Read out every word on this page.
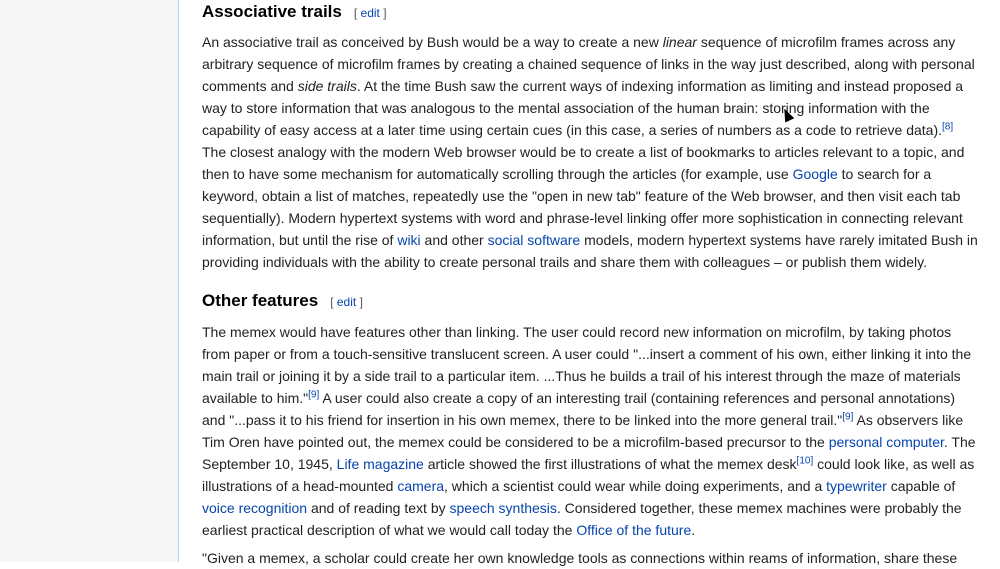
Associative trails [ edit ]

An associative trail as conceived by Bush would be a way to create a new linear sequence of microfilm frames across any arbitrary sequence of microfilm frames by creating a chained sequence of links in the way just described, along with personal comments and side trails. At the time Bush saw the current ways of indexing information as limiting and instead proposed a way to store information that was analogous to the mental association of the human brain: storing information with the capability of easy access at a later time using certain cues (in this case, a series of numbers as a code to retrieve data).[8] The closest analogy with the modern Web browser would be to create a list of bookmarks to articles relevant to a topic, and then to have some mechanism for automatically scrolling through the articles (for example, use Google to search for a keyword, obtain a list of matches, repeatedly use the "open in new tab" feature of the Web browser, and then visit each tab sequentially). Modern hypertext systems with word and phrase-level linking offer more sophistication in connecting relevant information, but until the rise of wiki and other social software models, modern hypertext systems have rarely imitated Bush in providing individuals with the ability to create personal trails and share them with colleagues – or publish them widely.

Other features [ edit ]

The memex would have features other than linking. The user could record new information on microfilm, by taking photos from paper or from a touch-sensitive translucent screen. A user could "...insert a comment of his own, either linking it into the main trail or joining it by a side trail to a particular item. ...Thus he builds a trail of his interest through the maze of materials available to him."[9] A user could also create a copy of an interesting trail (containing references and personal annotations) and "...pass it to his friend for insertion in his own memex, there to be linked into the more general trail."[9] As observers like Tim Oren have pointed out, the memex could be considered to be a microfilm-based precursor to the personal computer. The September 10, 1945, Life magazine article showed the first illustrations of what the memex desk[10] could look like, as well as illustrations of a head-mounted camera, which a scientist could wear while doing experiments, and a typewriter capable of voice recognition and of reading text by speech synthesis. Considered together, these memex machines were probably the earliest practical description of what we would call today the Office of the future.

"Given a memex, a scholar could create her own knowledge tools as connections within reams of information, share these
